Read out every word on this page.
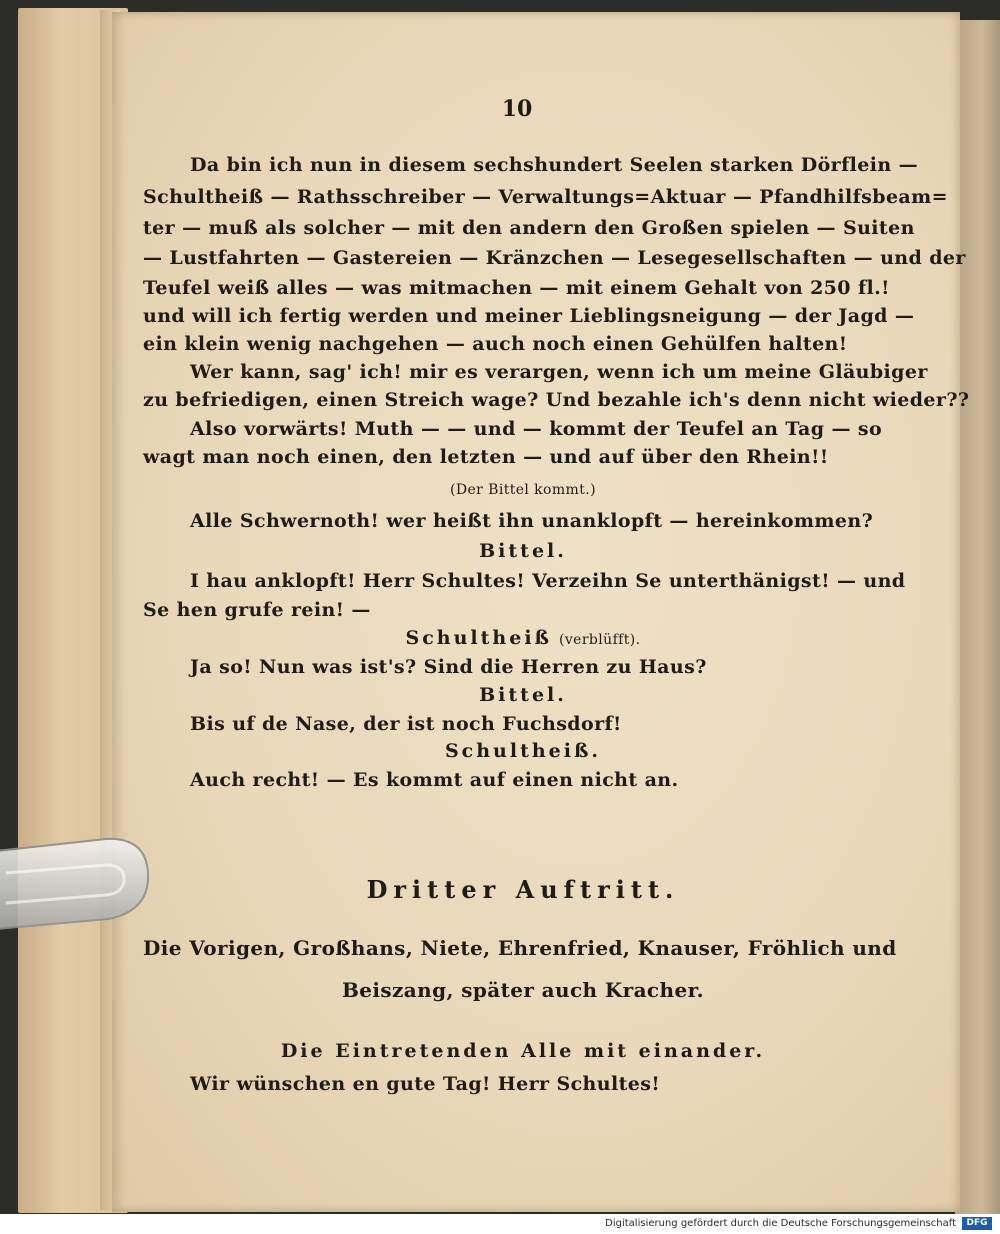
10
Da bin ich nun in diesem sechshundert Seelen starken Dörflein —
Schultheiß — Rathsschreiber — Verwaltungs=Aktuar — Pfandhilfsbeam=
ter — muß als solcher — mit den andern den Großen spielen — Suiten
— Lustfahrten — Gastereien — Kränzchen — Lesegesellschaften — und der
Teufel weiß alles — was mitmachen — mit einem Gehalt von 250 fl.!
und will ich fertig werden und meiner Lieblingsneigung — der Jagd —
ein klein wenig nachgehen — auch noch einen Gehülfen halten!
Wer kann, sag' ich! mir es verargen, wenn ich um meine Gläubiger
zu befriedigen, einen Streich wage? Und bezahle ich's denn nicht wieder??
Also vorwärts! Muth — — und — kommt der Teufel an Tag — so
wagt man noch einen, den letzten — und auf über den Rhein!!
(Der Bittel kommt.)
Alle Schwernoth! wer heißt ihn unanklopft — hereinkommen?
Bittel.
I hau anklopft! Herr Schultes! Verzeihn Se unterthänigst! — und
Se hen grufe rein! —
Schultheiß (verblüfft).
Ja so! Nun was ist's? Sind die Herren zu Haus?
Bittel.
Bis uf de Nase, der ist noch Fuchsdorf!
Schultheiß.
Auch recht! — Es kommt auf einen nicht an.
Dritter Auftritt.
Die Vorigen, Großhans, Niete, Ehrenfried, Knauser, Fröhlich und
Beiszang, später auch Kracher.
Die Eintretenden Alle mit einander.
Wir wünschen en gute Tag! Herr Schultes!
Digitalisierung gefördert durch die Deutsche Forschungsgemeinschaft	DFG
